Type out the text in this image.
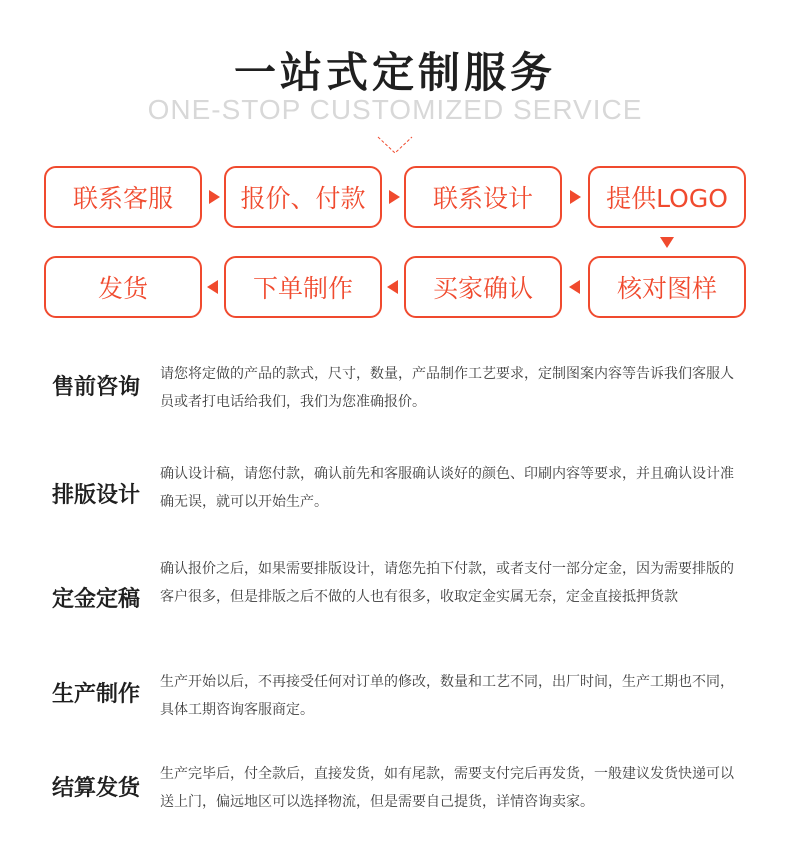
一站式定制服务
ONE-STOP CUSTOMIZED SERVICE
联系客服	报价、付款	联系设计	提供LOGO
发货	下单制作	买家确认	核对图样
售前咨询
请您将定做的产品的款式，尺寸，数量，产品制作工艺要求，定制图案内容等告诉我们客服人员或者打电话给我们，我们为您准确报价。
排版设计
确认设计稿，请您付款，确认前先和客服确认谈好的颜色、印刷内容等要求，并且确认设计准确无误，就可以开始生产。
定金定稿
确认报价之后，如果需要排版设计，请您先拍下付款，或者支付一部分定金，因为需要排版的客户很多，但是排版之后不做的人也有很多，收取定金实属无奈，定金直接抵押货款
生产制作	生产开始以后，不再接受任何对订单的修改，数量和工艺不同，出厂时间，生产工期也不同，具体工期咨询客服商定。
结算发货
生产完毕后，付全款后，直接发货，如有尾款，需要支付完后再发货，一般建议发货快递可以送上门，偏远地区可以选择物流，但是需要自己提货，详情咨询卖家。
